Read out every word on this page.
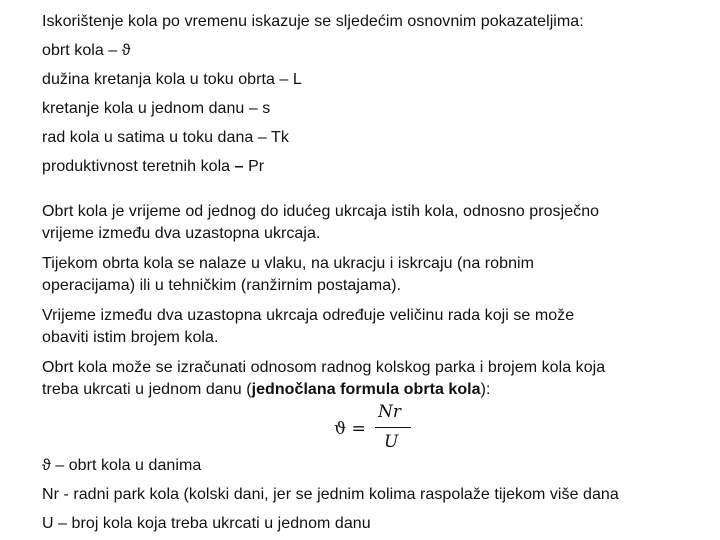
Iskorištenje kola po vremenu iskazuje se sljedećim osnovnim pokazateljima:
obrt kola – ϑ
dužina kretanja kola u toku obrta – L
kretanje kola u jednom danu – s
rad kola u satima u toku dana – Tk
produktivnost teretnih kola – Pr
Obrt kola je vrijeme od jednog do idućeg ukrcaja istih kola, odnosno prosječno
vrijeme između dva uzastopna ukrcaja.
Tijekom obrta kola se nalaze u vlaku, na ukracju i iskrcaju (na robnim
operacijama) ili u tehničkim (ranžirnim postajama).
Vrijeme između dva uzastopna ukrcaja određuje veličinu rada koji se može
obaviti istim brojem kola.
Obrt kola može se izračunati odnosom radnog kolskog parka i brojem kola koja
treba ukrcati u jednom danu (jednočlana formula obrta kola):
ϑ =
Nr
U
ϑ – obrt kola u danima
Nr - radni park kola (kolski dani, jer se jednim kolima raspolaže tijekom više dana
U – broj kola koja treba ukrcati u jednom danu
